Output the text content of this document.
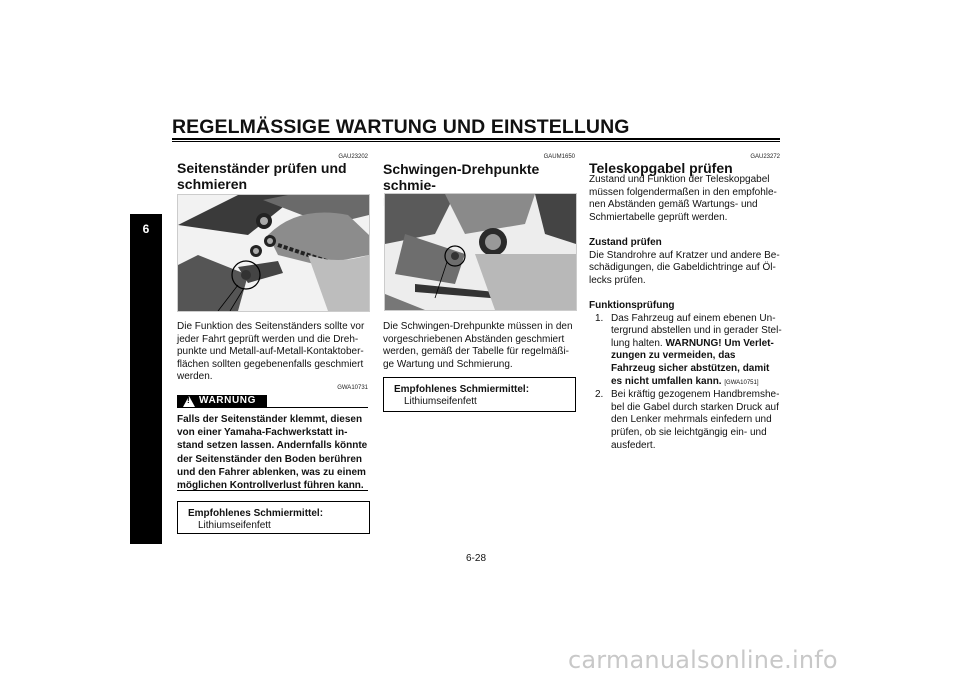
REGELMÄSSIGE WARTUNG UND EINSTELLUNG
6
GAU23202
Seitenständer prüfen und schmieren
Die Funktion des Seitenständers sollte vor
jeder Fahrt geprüft werden und die Dreh-
punkte und Metall-auf-Metall-Kontaktober-
flächen sollten gegebenenfalls geschmiert
werden.
GWA10731
! WARNUNG
Falls der Seitenständer klemmt, diesen
von einer Yamaha-Fachwerkstatt in-
stand setzen lassen. Andernfalls könnte
der Seitenständer den Boden berühren
und den Fahrer ablenken, was zu einem
möglichen Kontrollverlust führen kann.
Empfohlenes Schmiermittel:
Lithiumseifenfett
GAUM1650
Schwingen-Drehpunkte schmie-
Die Schwingen-Drehpunkte müssen in den
vorgeschriebenen Abständen geschmiert
werden, gemäß der Tabelle für regelmäßi-
ge Wartung und Schmierung.
Empfohlenes Schmiermittel:
Lithiumseifenfett
GAU23272
Teleskopgabel prüfen
Zustand und Funktion der Teleskopgabel
müssen folgendermaßen in den empfohle-
nen Abständen gemäß Wartungs- und
Schmiertabelle geprüft werden.
Zustand prüfen
Die Standrohre auf Kratzer und andere Be-
schädigungen, die Gabeldichtringe auf Öl-
lecks prüfen.
Funktionsprüfung
1. Das Fahrzeug auf einem ebenen Un-
tergrund abstellen und in gerader Stel-
lung halten. WARNUNG! Um Verlet-
zungen zu vermeiden, das
Fahrzeug sicher abstützen, damit
es nicht umfallen kann. [GWA10751]
2. Bei kräftig gezogenem Handbremshe-
bel die Gabel durch starken Druck auf
den Lenker mehrmals einfedern und
prüfen, ob sie leichtgängig ein- und
ausfedert.
6-28
carmanualsonline.info
